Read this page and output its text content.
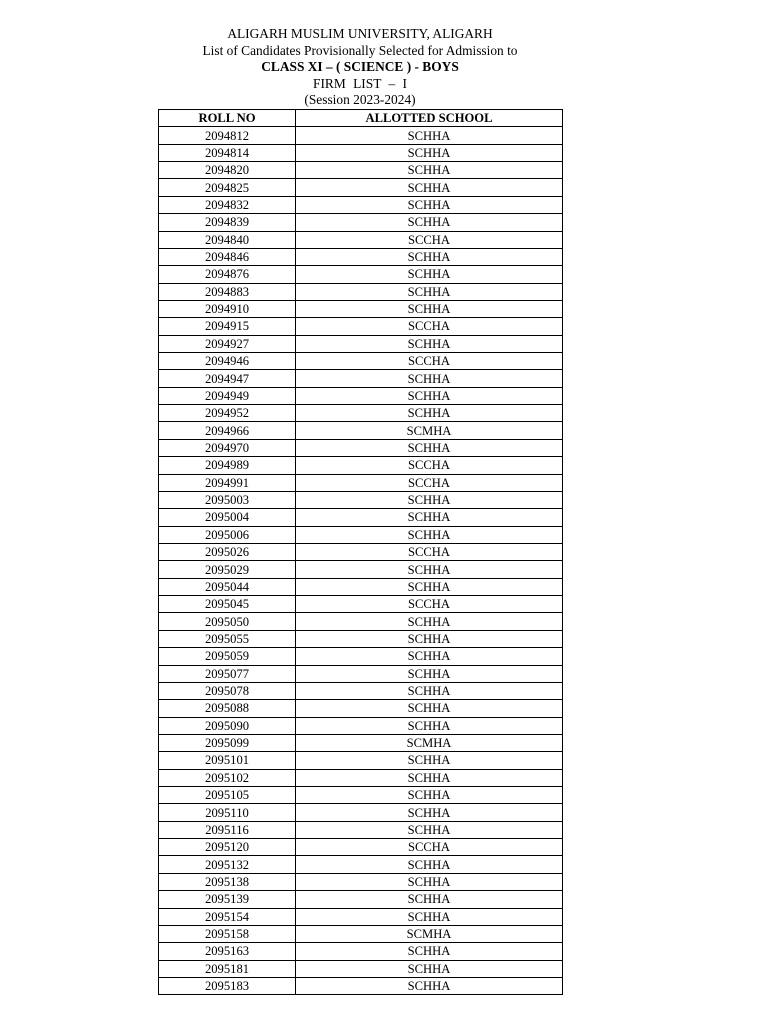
ALIGARH MUSLIM UNIVERSITY, ALIGARH
List of Candidates Provisionally Selected for Admission to
CLASS XI – ( SCIENCE ) - BOYS
FIRM LIST – I
(Session 2023-2024)
ROLL NO	ALLOTTED SCHOOL
2094812	SCHHA
2094814	SCHHA
2094820	SCHHA
2094825	SCHHA
2094832	SCHHA
2094839	SCHHA
2094840	SCCHA
2094846	SCHHA
2094876	SCHHA
2094883	SCHHA
2094910	SCHHA
2094915	SCCHA
2094927	SCHHA
2094946	SCCHA
2094947	SCHHA
2094949	SCHHA
2094952	SCHHA
2094966	SCMHA
2094970	SCHHA
2094989	SCCHA
2094991	SCCHA
2095003	SCHHA
2095004	SCHHA
2095006	SCHHA
2095026	SCCHA
2095029	SCHHA
2095044	SCHHA
2095045	SCCHA
2095050	SCHHA
2095055	SCHHA
2095059	SCHHA
2095077	SCHHA
2095078	SCHHA
2095088	SCHHA
2095090	SCHHA
2095099	SCMHA
2095101	SCHHA
2095102	SCHHA
2095105	SCHHA
2095110	SCHHA
2095116	SCHHA
2095120	SCCHA
2095132	SCHHA
2095138	SCHHA
2095139	SCHHA
2095154	SCHHA
2095158	SCMHA
2095163	SCHHA
2095181	SCHHA
2095183	SCHHA
